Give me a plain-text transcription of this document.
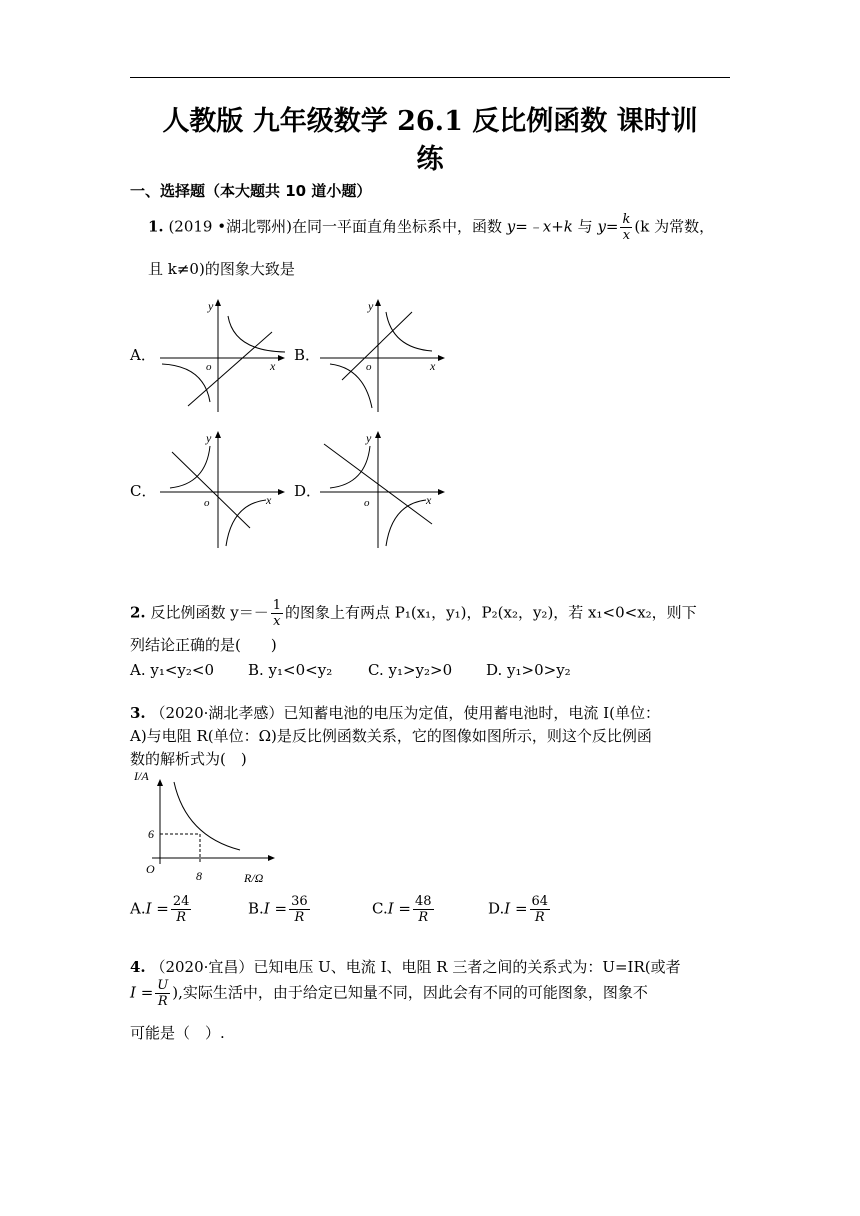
人教版 九年级数学 26.1 反比例函数 课时训
练
一、选择题（本大题共 10 道小题）
1. (2019 •湖北鄂州)在同一平面直角坐标系中，函数 y=﹣x+k 与 $y= \frac{k}{x} (k$ 为常数，
且 k≠0)的图象大致是
A．	B．
C．	D．
y
o	x
y
o	x
y
o	x
y
o	x
2. 反比例函数 $y=- \frac{1}{x}$ 的图象上有两点 P₁(x₁，y₁)，P₂(x₂，y₂)，若 x₁<0<x₂，则下
列结论正确的是(　　)
A. y₁<y₂<0 B. y₁<0<y₂ C. y₁>y₂>0 D. y₁>0>y₂
3. （2020·湖北孝感）已知蓄电池的电压为定值，使用蓄电池时，电流 I(单位：
A)与电阻 R(单位：Ω)是反比例函数关系，它的图像如图所示，则这个反比例函
数的解析式为(　)
I/A
6
O	8	R/Ω
$A.I = \frac{24}{R}$	$B.I = \frac{36}{R}$	$C.I = \frac{48}{R}$	$D.I = \frac{64}{R}$
4. （2020·宜昌）已知电压 U、电流 I、电阻 R 三者之间的关系式为：U=IR(或者
$I = \frac{U}{R}$ ),实际生活中，由于给定已知量不同，因此会有不同的可能图象，图象不
可能是（　）.
